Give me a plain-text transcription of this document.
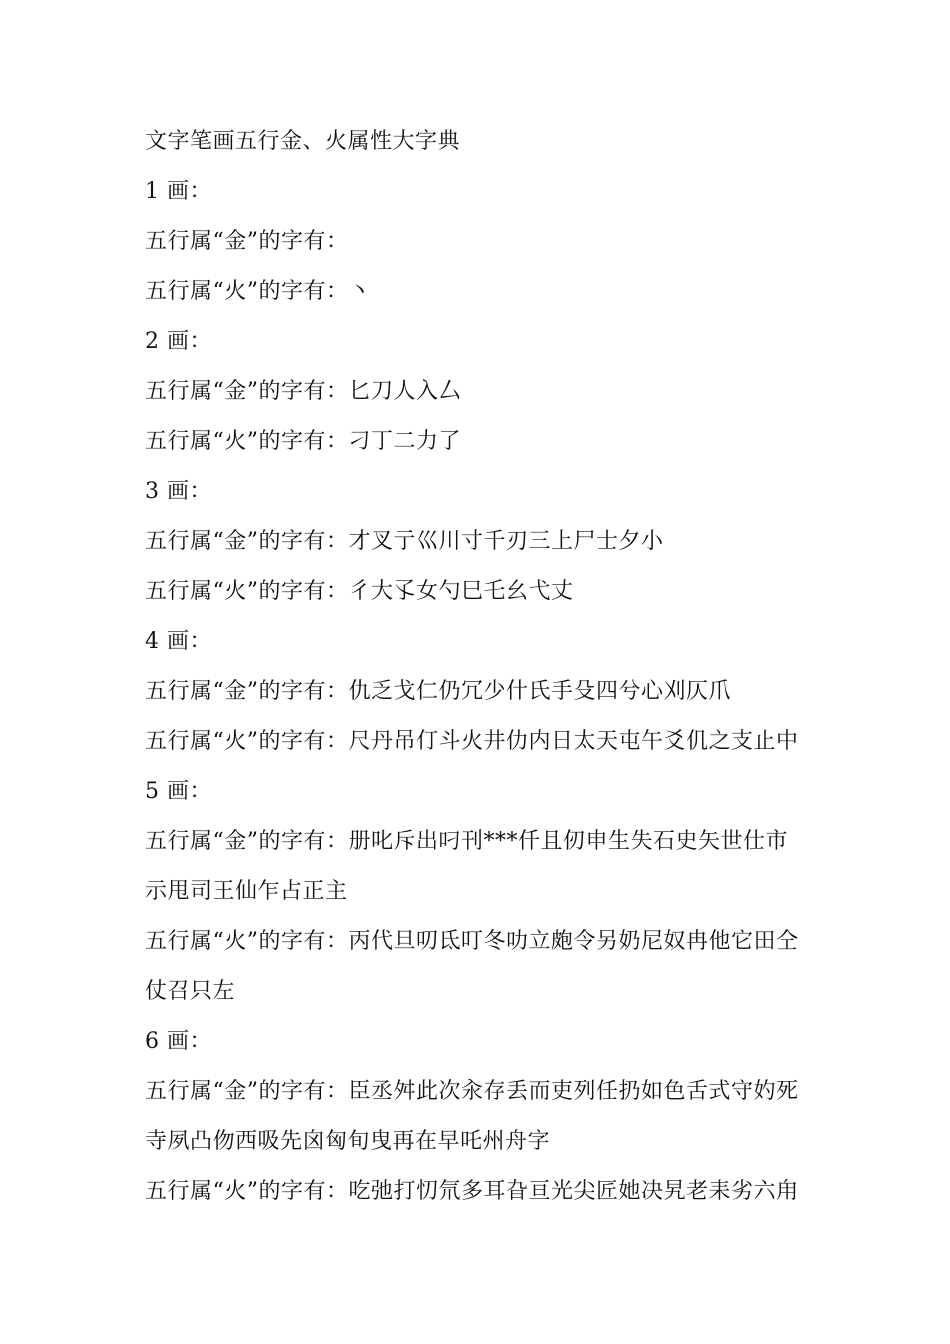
文字笔画五行金、火属性大字典
1 画：
五行属“金”的字有：
五行属“火”的字有：丶
2 画：
五行属“金”的字有：匕刀人入厶
五行属“火”的字有：刁丁二力了
3 画：
五行属“金”的字有：才叉亍巛川寸千刃三上尸士夕小
五行属“火”的字有：彳大孓女勺巳乇幺弋丈
4 画：
五行属“金”的字有：仇乏戈仁仍冗少什氏手殳四兮心刈仄爪
五行属“火”的字有：尺丹吊仃斗火井仂内日太天屯午爻仉之支止中
5 画：
五行属“金”的字有：册叱斥出叼刊***仟且仞申生失石史矢世仕市
示甩司王仙乍占正主
五行属“火”的字有：丙代旦叨氐叮冬叻立皰令另奶尼奴冉他它田仝
仗召只左
6 画：
五行属“金”的字有：臣丞舛此次汆存丢而吏列任扔如色舌式守妁死
寺夙凸伆西吸先囟匈旬曳再在早吒州舟字
五行属“火”的字有：吃弛打忉氘多耳旮亘光尖匠她决旯老耒劣六甪
